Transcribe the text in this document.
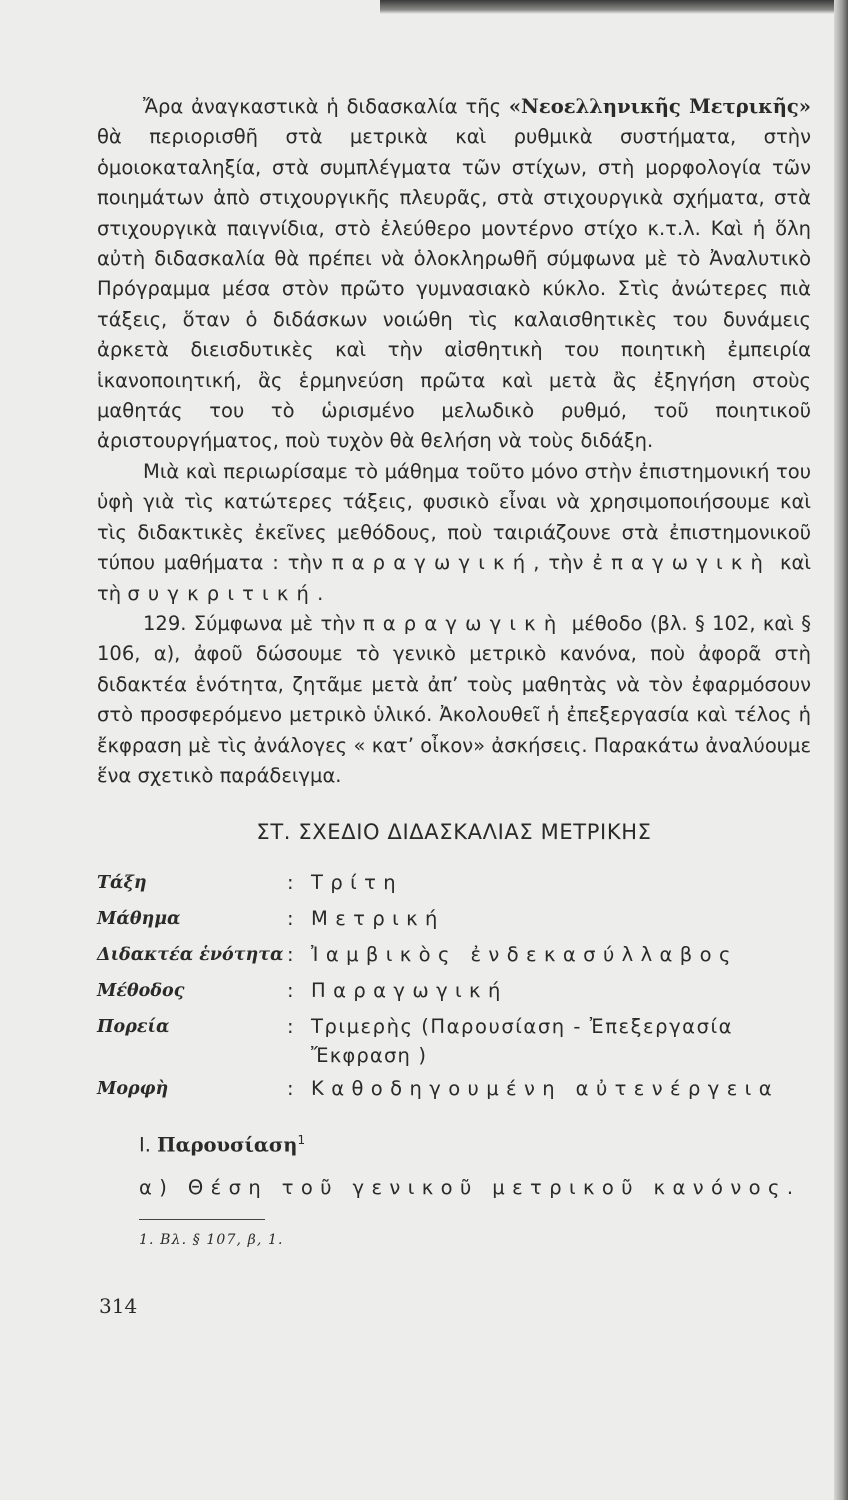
Ἄρα ἀναγκαστικὰ ἡ διδασκαλία τῆς «Νεοελληνικῆς Μετρικῆς» θὰ περιορισθῆ στὰ μετρικὰ καὶ ρυθμικὰ συστήματα, στὴν ὁμοιοκαταληξία, στὰ συμπλέγματα τῶν στίχων, στὴ μορφολογία τῶν ποιημάτων ἀπὸ στιχουργικῆς πλευρᾶς, στὰ στιχουργικὰ σχήματα, στὰ στιχουργικὰ παιγνίδια, στὸ ἐλεύθερο μοντέρνο στίχο κ.τ.λ. Καὶ ἡ ὅλη αὐτὴ διδασκαλία θὰ πρέπει νὰ ὁλοκληρωθῆ σύμφωνα μὲ τὸ Ἀναλυτικὸ Πρόγραμμα μέσα στὸν πρῶτο γυμνασιακὸ κύκλο. Στὶς ἀνώτερες πιὰ τάξεις, ὅταν ὁ διδάσκων νοιώθη τὶς καλαισθητικὲς του δυνάμεις ἀρκετὰ διεισδυτικὲς καὶ τὴν αἰσθητικὴ του ποιητικὴ ἐμπειρία ἱκανοποιητική, ἂς ἑρμηνεύση πρῶτα καὶ μετὰ ἂς ἐξηγήση στοὺς μαθητάς του τὸ ὡρισμένο μελωδικὸ ρυθμό, τοῦ ποιητικοῦ ἀριστουργήματος, ποὺ τυχὸν θὰ θελήση νὰ τοὺς διδάξη.

Μιὰ καὶ περιωρίσαμε τὸ μάθημα τοῦτο μόνο στὴν ἐπιστημονική του ὑφὴ γιὰ τὶς κατώτερες τάξεις, φυσικὸ εἶναι νὰ χρησιμοποιήσουμε καὶ τὶς διδακτικὲς ἐκεῖνες μεθόδους, ποὺ ταιριάζουνε στὰ ἐπιστημονικοῦ τύπου μαθήματα : τὴν παραγωγική, τὴν ἐπαγωγικὴ καὶ τὴ συγκριτική.

129. Σύμφωνα μὲ τὴν παραγωγικὴ μέθοδο (βλ. § 102, καὶ § 106, α), ἀφοῦ δώσουμε τὸ γενικὸ μετρικὸ κανόνα, ποὺ ἀφορᾶ στὴ διδακτέα ἑνότητα, ζητᾶμε μετὰ ἀπ’ τοὺς μαθητὰς νὰ τὸν ἐφαρμόσουν στὸ προσφερόμενο μετρικὸ ὑλικό. Ἀκολουθεῖ ἡ ἐπεξεργασία καὶ τέλος ἡ ἔκφραση μὲ τὶς ἀνάλογες « κατ’ οἶκον» ἀσκήσεις. Παρακάτω ἀναλύουμε ἕνα σχετικὸ παράδειγμα.

ΣΤ. ΣΧΕΔΙΟ ΔΙΔΑΣΚΑΛΙΑΣ ΜΕΤΡΙΚΗΣ
Τάξη	: Τρίτη
Μάθημα	: Μετρική
Διδακτέα ἑνότητα : Ἰαμβικὸς ἐνδεκασύλλαβος
Μέθοδος	: Παραγωγική
Πορεία	: Τριμερὴς (Παρουσίαση - Ἐπεξεργασία
Ἔκφραση )
Μορφὴ	: Καθοδηγουμένη αὐτενέργεια
Ι. Παρουσίαση$^1$
α) Θέση τοῦ γενικοῦ μετρικοῦ κανόνος.
1. Βλ. § 107, β, 1.
314
